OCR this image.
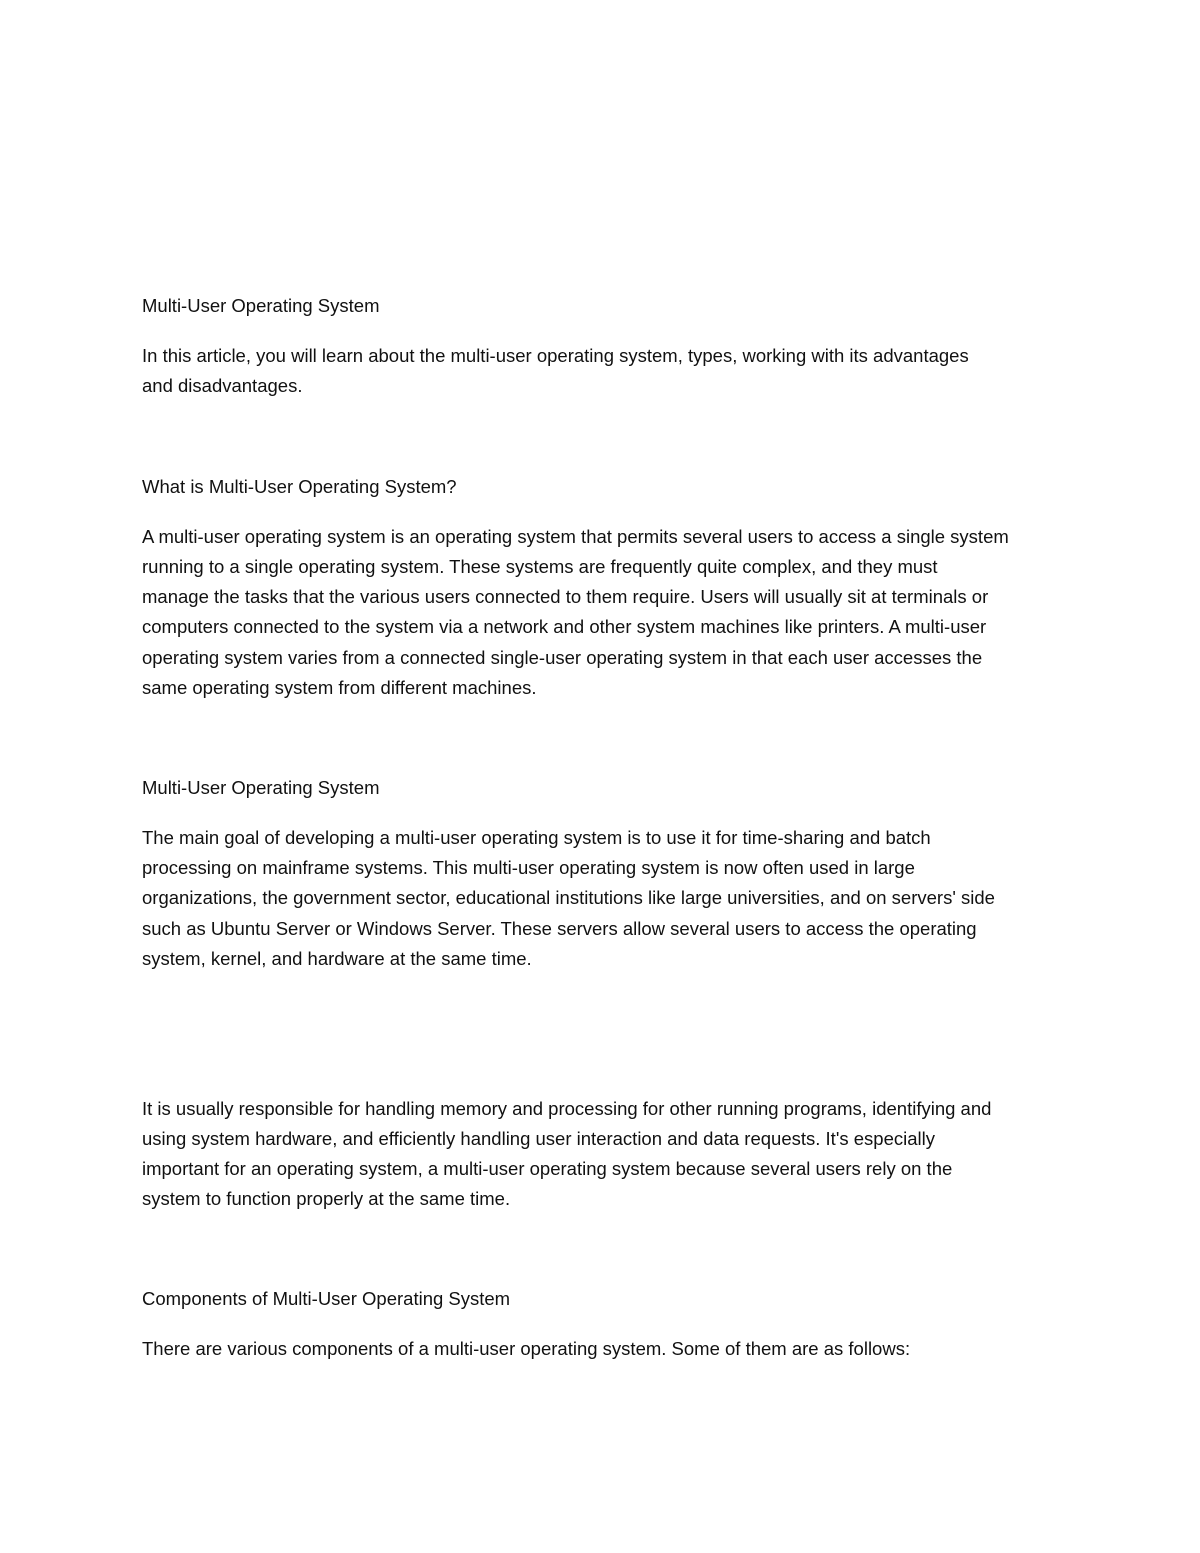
Multi-User Operating System
In this article, you will learn about the multi-user operating system, types, working with its advantages
and disadvantages.
What is Multi-User Operating System?
A multi-user operating system is an operating system that permits several users to access a single system
running to a single operating system. These systems are frequently quite complex, and they must
manage the tasks that the various users connected to them require. Users will usually sit at terminals or
computers connected to the system via a network and other system machines like printers. A multi-user
operating system varies from a connected single-user operating system in that each user accesses the
same operating system from different machines.
Multi-User Operating System
The main goal of developing a multi-user operating system is to use it for time-sharing and batch
processing on mainframe systems. This multi-user operating system is now often used in large
organizations, the government sector, educational institutions like large universities, and on servers' side
such as Ubuntu Server or Windows Server. These servers allow several users to access the operating
system, kernel, and hardware at the same time.
It is usually responsible for handling memory and processing for other running programs, identifying and
using system hardware, and efficiently handling user interaction and data requests. It's especially
important for an operating system, a multi-user operating system because several users rely on the
system to function properly at the same time.
Components of Multi-User Operating System
There are various components of a multi-user operating system. Some of them are as follows:
